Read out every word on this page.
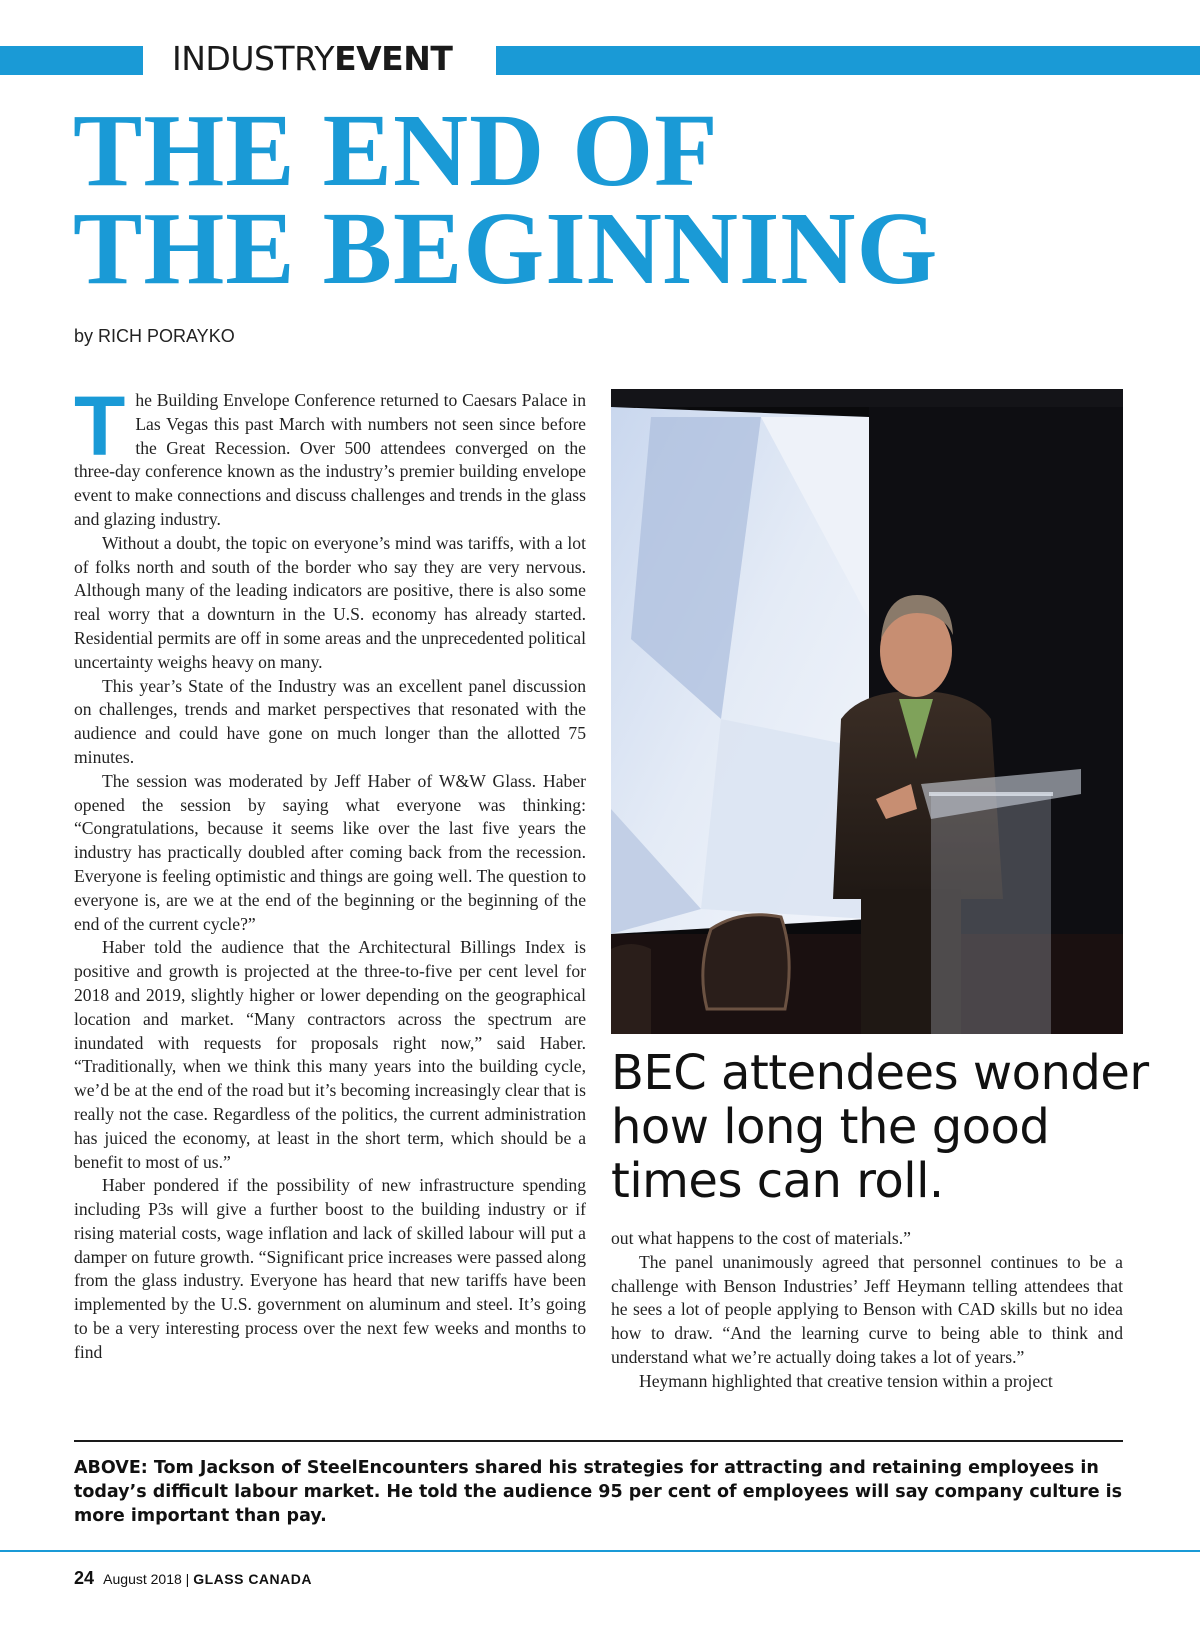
INDUSTRYEVENT
THE END OF
THE BEGINNING
by RICH PORAYKO

The Building Envelope Conference returned to Caesars Palace in Las Vegas this past March with numbers not seen since before the Great Recession. Over 500 attendees converged on the three-day conference known as the industry’s premier building envelope event to make connections and discuss challenges and trends in the glass and glazing industry.

Without a doubt, the topic on everyone’s mind was tariffs, with a lot of folks north and south of the border who say they are very nervous. Although many of the leading indicators are positive, there is also some real worry that a downturn in the U.S. economy has already started. Residential permits are off in some areas and the unprecedented political uncertainty weighs heavy on many.

This year’s State of the Industry was an excellent panel discussion on challenges, trends and market perspectives that resonated with the audience and could have gone on much longer than the allotted 75 minutes.

The session was moderated by Jeff Haber of W&W Glass. Haber opened the session by saying what everyone was thinking: “Congratulations, because it seems like over the last five years the industry has practically doubled after coming back from the recession. Everyone is feeling optimistic and things are going well. The question to everyone is, are we at the end of the beginning or the beginning of the end of the current cycle?”

Haber told the audience that the Architectural Billings Index is positive and growth is projected at the three-to-five per cent level for 2018 and 2019, slightly higher or lower depending on the geographical location and market. “Many contractors across the spectrum are inundated with requests for proposals right now,” said Haber. “Traditionally, when we think this many years into the building cycle, we’d be at the end of the road but it’s becoming increasingly clear that is really not the case. Regardless of the politics, the current administration has juiced the economy, at least in the short term, which should be a benefit to most of us.”

Haber pondered if the possibility of new infrastructure spending including P3s will give a further boost to the building industry or if rising material costs, wage inflation and lack of skilled labour will put a damper on future growth. “Significant price increases were passed along from the glass industry. Everyone has heard that new tariffs have been implemented by the U.S. government on aluminum and steel. It’s going to be a very interesting process over the next few weeks and months to find

BEC attendees wonder how long the good times can roll.

out what happens to the cost of materials.”

The panel unanimously agreed that personnel continues to be a challenge with Benson Industries’ Jeff Heymann telling attendees that he sees a lot of people applying to Benson with CAD skills but no idea how to draw. “And the learning curve to being able to think and understand what we’re actually doing takes a lot of years.”

Heymann highlighted that creative tension within a project

ABOVE: Tom Jackson of SteelEncounters shared his strategies for attracting and retaining employees in today’s difficult labour market. He told the audience 95 per cent of employees will say company culture is more important than pay.

24 August 2018 | GLASS CANADA
